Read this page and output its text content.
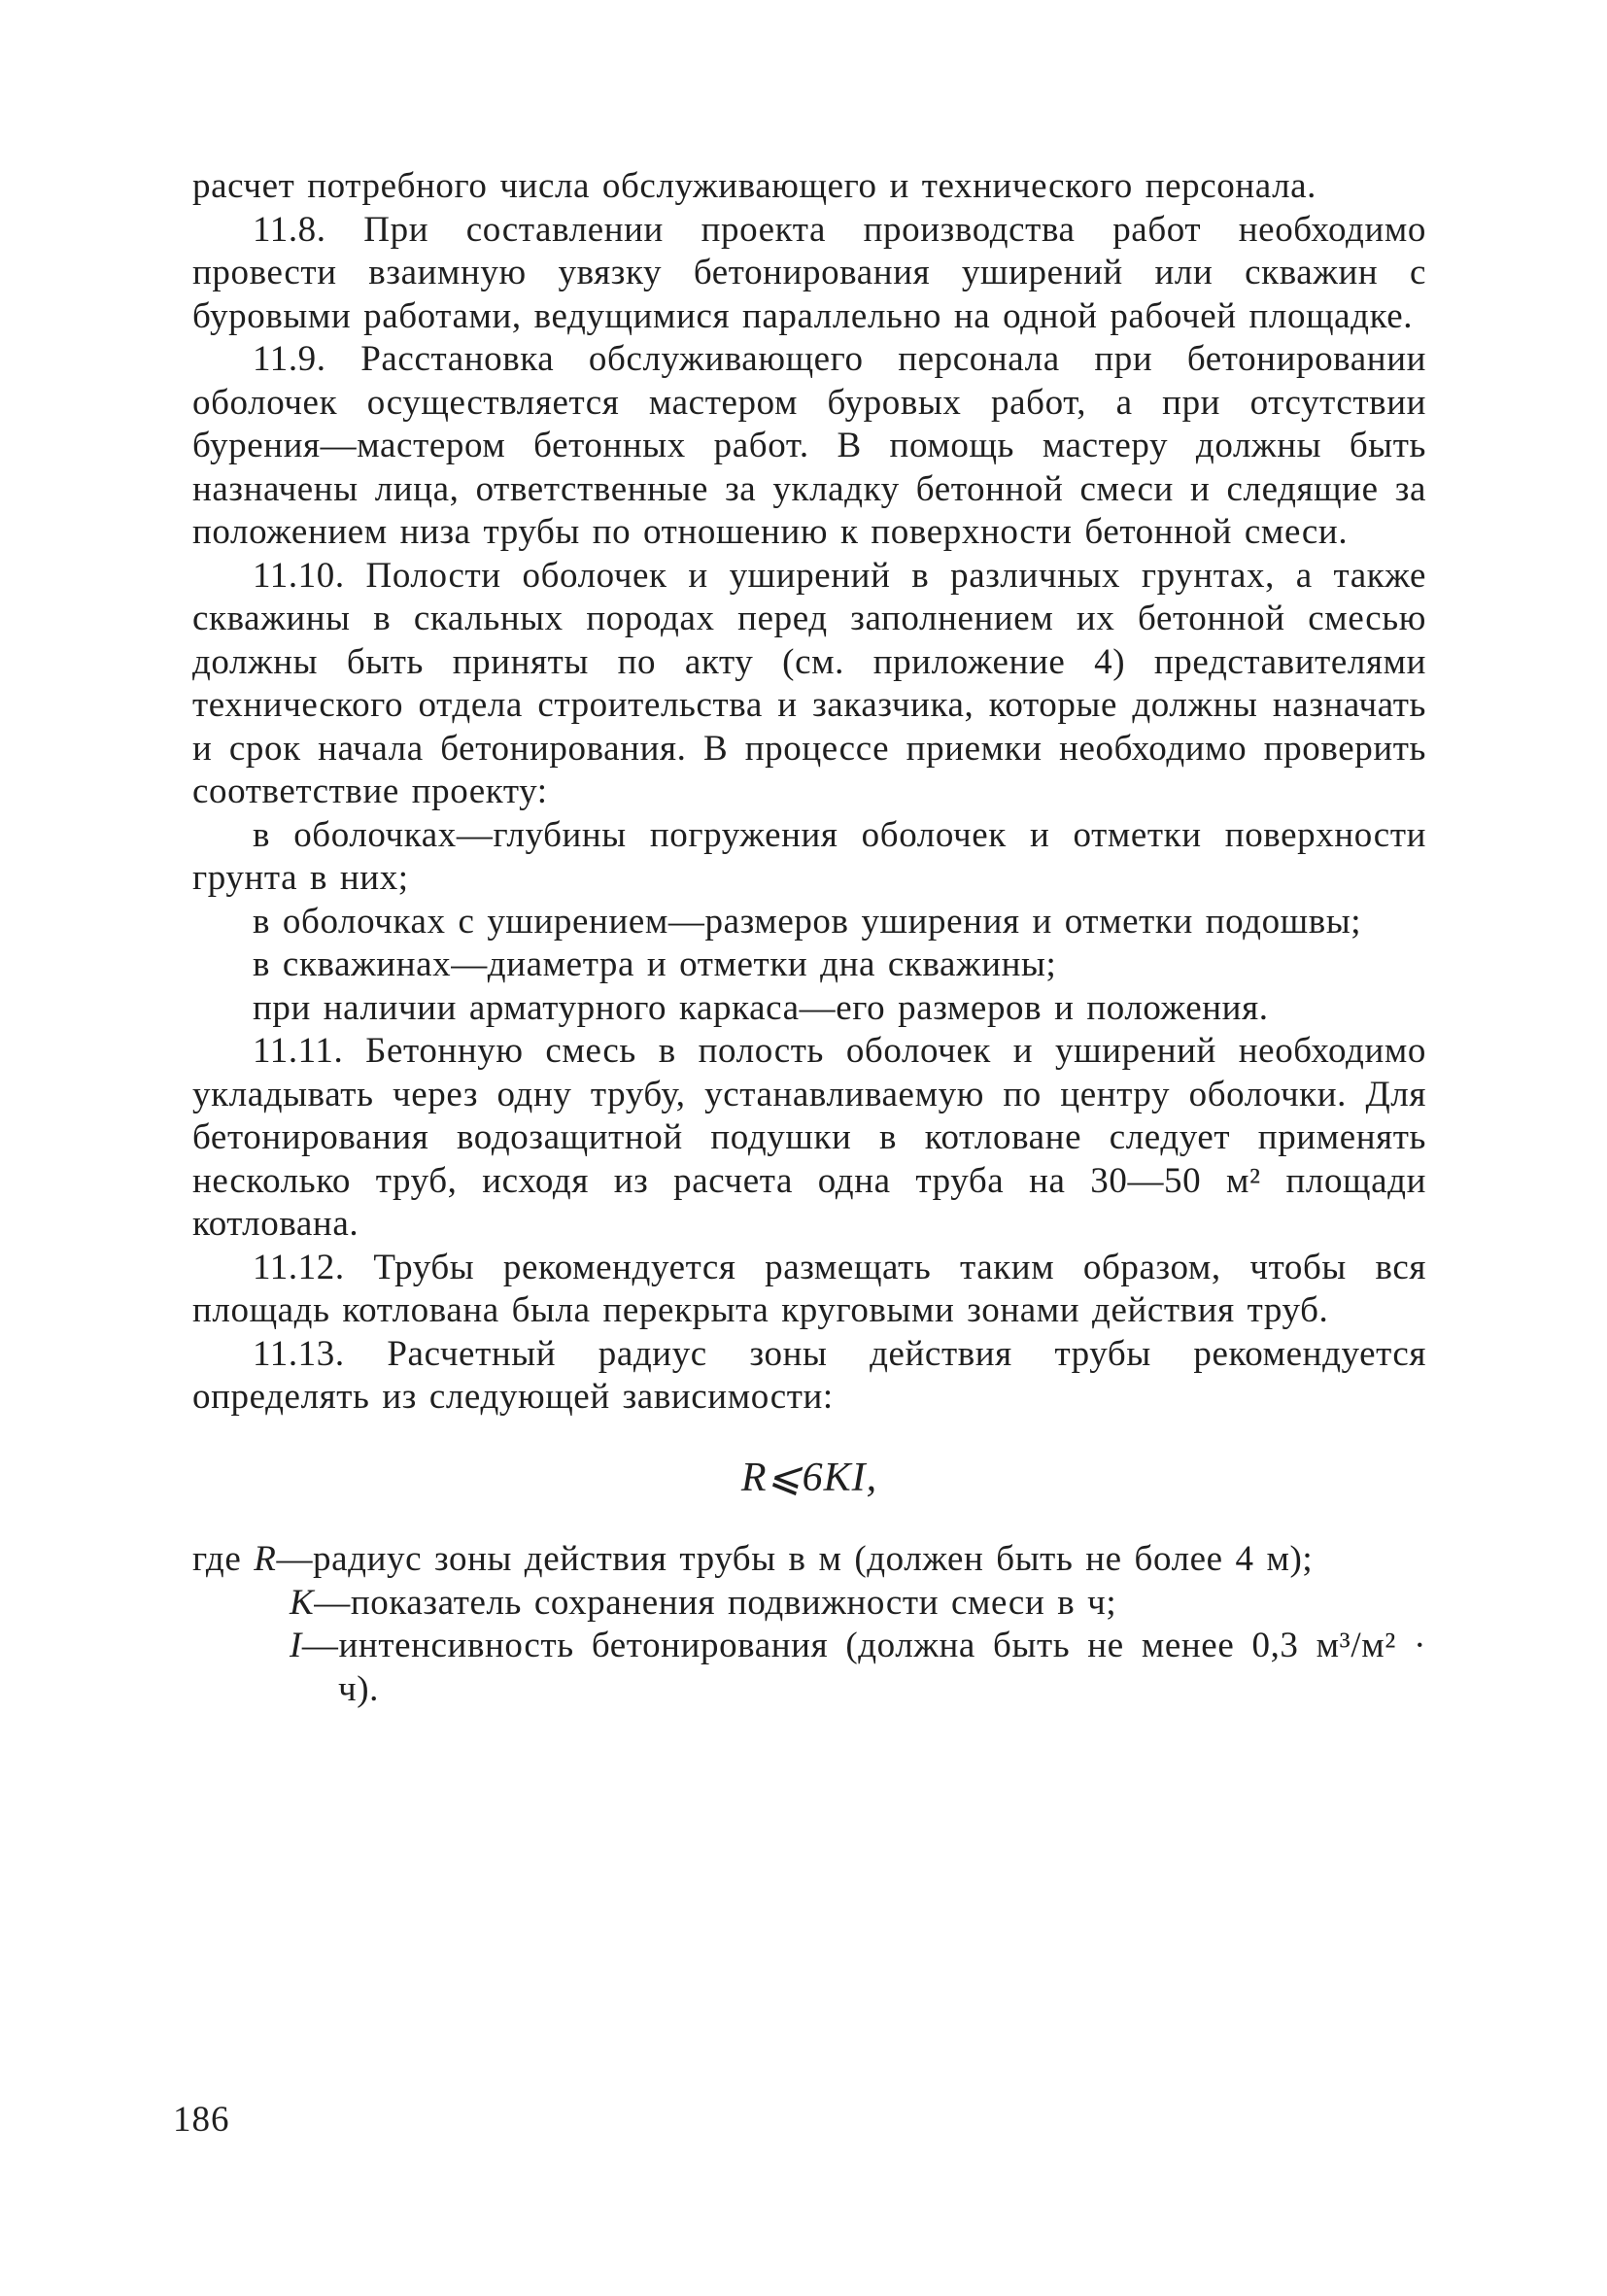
расчет потребного числа обслуживающего и технического персонала.

11.8. При составлении проекта производства работ необходимо провести взаимную увязку бетонирования уширений или скважин с буровыми работами, ведущимися параллельно на одной рабочей площадке.

11.9. Расстановка обслуживающего персонала при бетонировании оболочек осуществляется мастером буровых работ, а при отсутствии бурения—мастером бетонных работ. В помощь мастеру должны быть назначены лица, ответственные за укладку бетонной смеси и следящие за положением низа трубы по отношению к поверхности бетонной смеси.

11.10. Полости оболочек и уширений в различных грунтах, а также скважины в скальных породах перед заполнением их бетонной смесью должны быть приняты по акту (см. приложение 4) представителями технического отдела строительства и заказчика, которые должны назначать и срок начала бетонирования. В процессе приемки необходимо проверить соответствие проекту:

в оболочках—глубины погружения оболочек и отметки поверхности грунта в них;

в оболочках с уширением—размеров уширения и отметки подошвы;

в скважинах—диаметра и отметки дна скважины;

при наличии арматурного каркаса—его размеров и положения.

11.11. Бетонную смесь в полость оболочек и уширений необходимо укладывать через одну трубу, устанавливаемую по центру оболочки. Для бетонирования водозащитной подушки в котловане следует применять несколько труб, исходя из расчета одна труба на 30—50 м² площади котлована.

11.12. Трубы рекомендуется размещать таким образом, чтобы вся площадь котлована была перекрыта круговыми зонами действия труб.

11.13. Расчетный радиус зоны действия трубы рекомендуется определять из следующей зависимости:

R⩽6KI,

где R—радиус зоны действия трубы в м (должен быть не более 4 м);

K—показатель сохранения подвижности смеси в ч;

I—интенсивность бетонирования (должна быть не менее 0,3 м³/м² · ч).

186
